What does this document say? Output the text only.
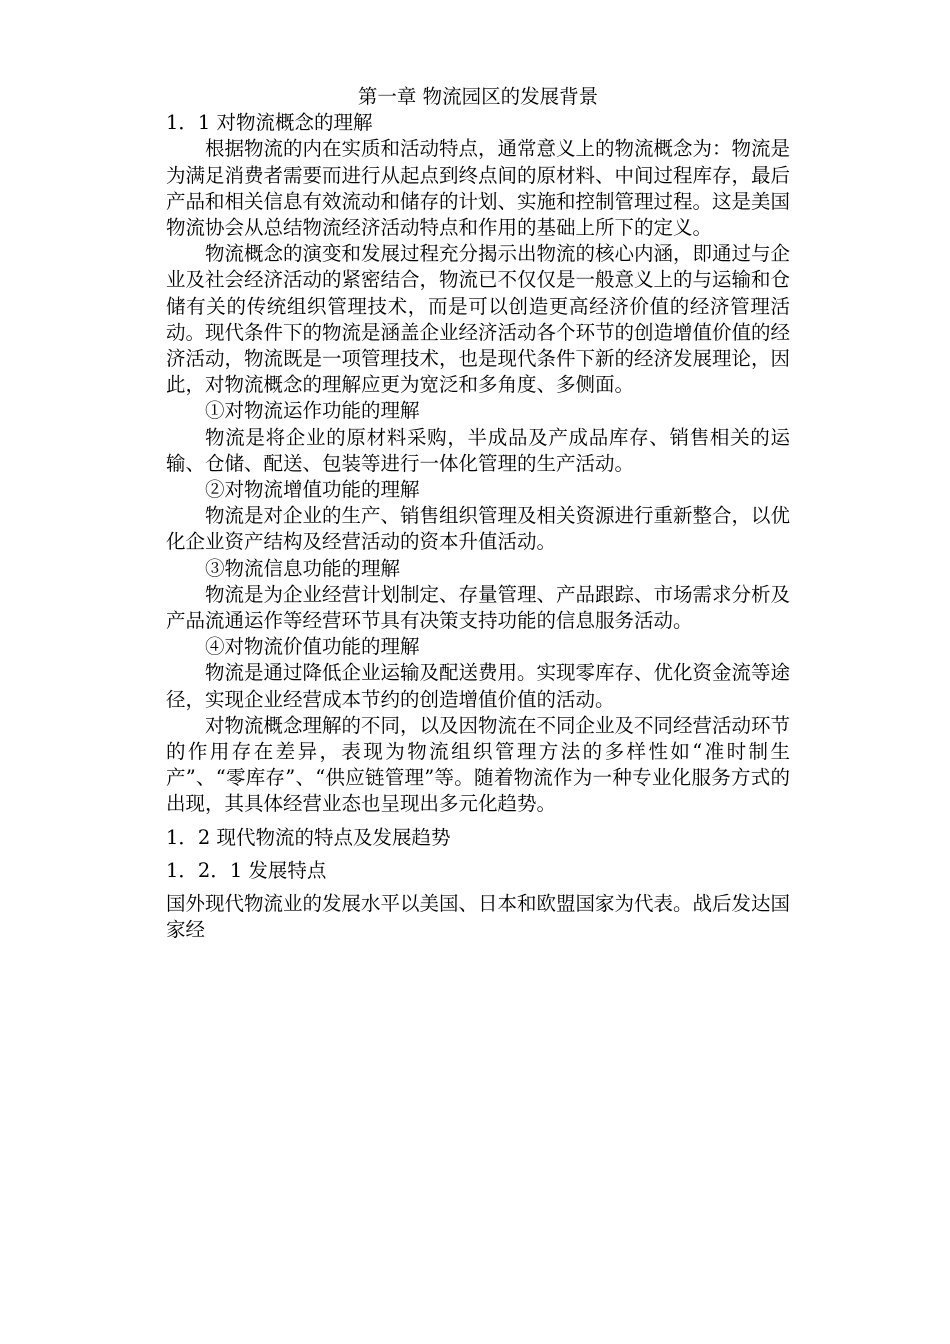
第一章 物流园区的发展背景
1．1 对物流概念的理解

根据物流的内在实质和活动特点，通常意义上的物流概念为：物流是为满足消费者需要而进行从起点到终点间的原材料、中间过程库存，最后产品和相关信息有效流动和储存的计划、实施和控制管理过程。这是美国物流协会从总结物流经济活动特点和作用的基础上所下的定义。

物流概念的演变和发展过程充分揭示出物流的核心内涵，即通过与企业及社会经济活动的紧密结合，物流已不仅仅是一般意义上的与运输和仓储有关的传统组织管理技术，而是可以创造更高经济价值的经济管理活动。现代条件下的物流是涵盖企业经济活动各个环节的创造增值价值的经济活动，物流既是一项管理技术，也是现代条件下新的经济发展理论，因此，对物流概念的理解应更为宽泛和多角度、多侧面。

①对物流运作功能的理解

物流是将企业的原材料采购，半成品及产成品库存、销售相关的运输、仓储、配送、包装等进行一体化管理的生产活动。

②对物流增值功能的理解

物流是对企业的生产、销售组织管理及相关资源进行重新整合，以优化企业资产结构及经营活动的资本升值活动。

③物流信息功能的理解

物流是为企业经营计划制定、存量管理、产品跟踪、市场需求分析及产品流通运作等经营环节具有决策支持功能的信息服务活动。

④对物流价值功能的理解

物流是通过降低企业运输及配送费用。实现零库存、优化资金流等途径，实现企业经营成本节约的创造增值价值的活动。

对物流概念理解的不同，以及因物流在不同企业及不同经营活动环节的作用存在差异，表现为物流组织管理方法的多样性如“准时制生产”、“零库存”、“供应链管理”等。随着物流作为一种专业化服务方式的出现，其具体经营业态也呈现出多元化趋势。

1．2 现代物流的特点及发展趋势
1．2．1 发展特点

国外现代物流业的发展水平以美国、日本和欧盟国家为代表。战后发达国家经
